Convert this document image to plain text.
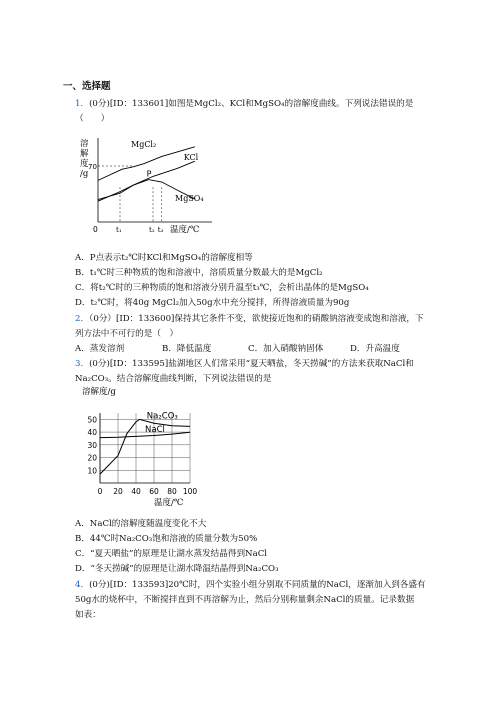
一、选择题
1．(0分)[ID：133601]如图是MgCl₂、KCl和MgSO₄的溶解度曲线。下列说法错误的是
（　　）
溶
解
度
/g
70
0	t₁	t₂ t₃ 温度/℃
MgCl₂
KCl
MgSO₄
P
A．P点表示t₂℃时KCl和MgSO₄的溶解度相等
B．t₁℃时三种物质的饱和溶液中，溶质质量分数最大的是MgCl₂
C．将t₂℃时的三种物质的饱和溶液分别升温至t₃℃，会析出晶体的是MgSO₄
D．t₂℃时，将40g MgCl₂加入50g水中充分搅拌，所得溶液质量为90g
2．（0分）[ID：133600]保持其它条件不变，欲使接近饱和的硝酸钠溶液变成饱和溶液，下
列方法中不可行的是（　）
A．蒸发溶剂	B．降低温度	C．加入硝酸钠固体	D．升高温度
3．(0分)[ID：133595]盐湖地区人们常采用“夏天晒盐，冬天捞碱”的方法来获取NaCl和
Na₂CO₃。结合溶解度曲线判断，下列说法错误的是
溶解度/g
0 20 40 60 80 100
10
20
30
40
50	Na₂CO₃
NaCl
温度/℃
A．NaCl的溶解度随温度变化不大
B．44℃时Na₂CO₃饱和溶液的质量分数为50%
C．“夏天晒盐”的原理是让湖水蒸发结晶得到NaCl
D．“冬天捞碱”的原理是让湖水降温结晶得到Na₂CO₃
4．(0分)[ID：133593]20℃时，四个实验小组分别取不同质量的NaCl，逐渐加入到各盛有
50g水的烧杯中，不断搅拌直到不再溶解为止，然后分别称量剩余NaCl的质量。记录数据
如表：
